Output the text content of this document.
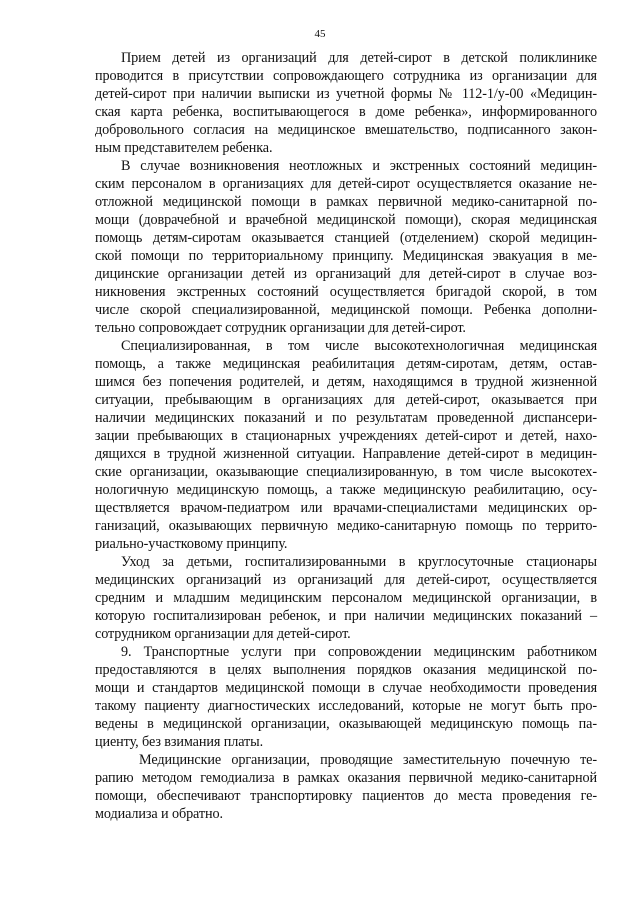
45
Прием детей из организаций для детей-сирот в детской поликлинике
проводится в присутствии сопровождающего сотрудника из организации для
детей-сирот при наличии выписки из учетной формы № 112-1/у-00 «Медицин-
ская карта ребенка, воспитывающегося в доме ребенка», информированного
добровольного согласия на медицинское вмешательство, подписанного закон-
ным представителем ребенка.
В случае возникновения неотложных и экстренных состояний медицин-
ским персоналом в организациях для детей-сирот осуществляется оказание не-
отложной медицинской помощи в рамках первичной медико-санитарной по-
мощи (доврачебной и врачебной медицинской помощи), скорая медицинская
помощь детям-сиротам оказывается станцией (отделением) скорой медицин-
ской помощи по территориальному принципу. Медицинская эвакуация в ме-
дицинские организации детей из организаций для детей-сирот в случае воз-
никновения экстренных состояний осуществляется бригадой скорой, в том
числе скорой специализированной, медицинской помощи. Ребенка дополни-
тельно сопровождает сотрудник организации для детей-сирот.
Специализированная, в том числе высокотехнологичная медицинская
помощь, а также медицинская реабилитация детям-сиротам, детям, остав-
шимся без попечения родителей, и детям, находящимся в трудной жизненной
ситуации, пребывающим в организациях для детей-сирот, оказывается при
наличии медицинских показаний и по результатам проведенной диспансери-
зации пребывающих в стационарных учреждениях детей-сирот и детей, нахо-
дящихся в трудной жизненной ситуации. Направление детей-сирот в медицин-
ские организации, оказывающие специализированную, в том числе высокотех-
нологичную медицинскую помощь, а также медицинскую реабилитацию, осу-
ществляется врачом-педиатром или врачами-специалистами медицинских ор-
ганизаций, оказывающих первичную медико-санитарную помощь по террито-
риально-участковому принципу.
Уход за детьми, госпитализированными в круглосуточные стационары
медицинских организаций из организаций для детей-сирот, осуществляется
средним и младшим медицинским персоналом медицинской организации, в
которую госпитализирован ребенок, и при наличии медицинских показаний –
сотрудником организации для детей-сирот.
9. Транспортные услуги при сопровождении медицинским работником
предоставляются в целях выполнения порядков оказания медицинской по-
мощи и стандартов медицинской помощи в случае необходимости проведения
такому пациенту диагностических исследований, которые не могут быть про-
ведены в медицинской организации, оказывающей медицинскую помощь па-
циенту, без взимания платы.
Медицинские организации, проводящие заместительную почечную те-
рапию методом гемодиализа в рамках оказания первичной медико-санитарной
помощи, обеспечивают транспортировку пациентов до места проведения ге-
модиализа и обратно.
